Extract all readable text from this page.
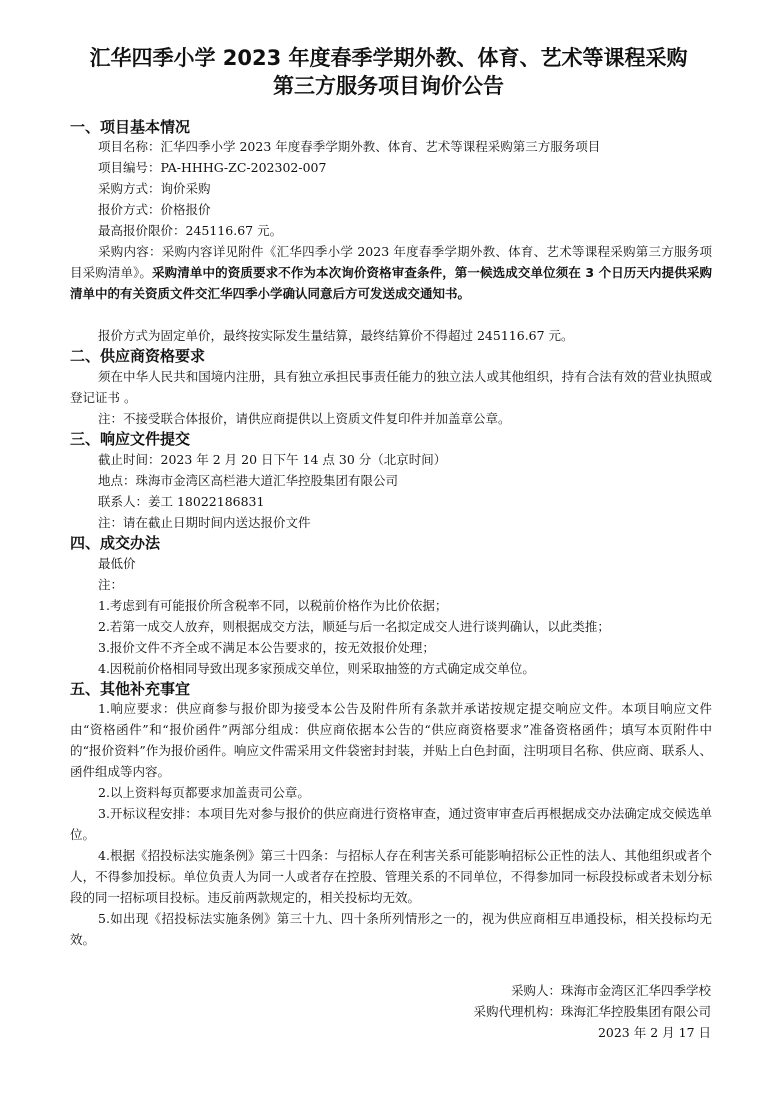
汇华四季小学 2023 年度春季学期外教、体育、艺术等课程采购
第三方服务项目询价公告
一、项目基本情况
项目名称：汇华四季小学 2023 年度春季学期外教、体育、艺术等课程采购第三方服务项目
项目编号：PA-HHHG-ZC-202302-007
采购方式：询价采购
报价方式：价格报价
最高报价限价：245116.67 元。
采购内容：采购内容详见附件《汇华四季小学 2023 年度春季学期外教、体育、艺术等课程采购第三方服务项目采购清单》。采购清单中的资质要求不作为本次询价资格审查条件，第一候选成交单位须在 3 个日历天内提供采购清单中的有关资质文件交汇华四季小学确认同意后方可发送成交通知书。
报价方式为固定单价，最终按实际发生量结算，最终结算价不得超过 245116.67 元。
二、供应商资格要求
须在中华人民共和国境内注册，具有独立承担民事责任能力的独立法人或其他组织，持有合法有效的营业执照或登记证书 。
注：不接受联合体报价，请供应商提供以上资质文件复印件并加盖章公章。
三、响应文件提交
截止时间：2023 年 2 月 20 日下午 14 点 30 分（北京时间）
地点：珠海市金湾区高栏港大道汇华控股集团有限公司
联系人：姜工 18022186831
注：请在截止日期时间内送达报价文件
四、成交办法
最低价
注：
1.考虑到有可能报价所含税率不同，以税前价格作为比价依据；
2.若第一成交人放弃，则根据成交方法，顺延与后一名拟定成交人进行谈判确认，以此类推；
3.报价文件不齐全或不满足本公告要求的，按无效报价处理；
4.因税前价格相同导致出现多家预成交单位，则采取抽签的方式确定成交单位。
五、其他补充事宜
1.响应要求：供应商参与报价即为接受本公告及附件所有条款并承诺按规定提交响应文件。本项目响应文件由“资格函件”和“报价函件”两部分组成：供应商依据本公告的“供应商资格要求”准备资格函件；填写本页附件中的“报价资料”作为报价函件。响应文件需采用文件袋密封封装，并贴上白色封面，注明项目名称、供应商、联系人、函件组成等内容。
2.以上资料每页都要求加盖责司公章。
3.开标议程安排：本项目先对参与报价的供应商进行资格审查，通过资审审查后再根据成交办法确定成交候选单位。
4.根据《招投标法实施条例》第三十四条：与招标人存在利害关系可能影响招标公正性的法人、其他组织或者个人，不得参加投标。单位负责人为同一人或者存在控股、管理关系的不同单位，不得参加同一标段投标或者未划分标段的同一招标项目投标。违反前两款规定的，相关投标均无效。
5.如出现《招投标法实施条例》第三十九、四十条所列情形之一的，视为供应商相互串通投标，相关投标均无效。
采购人：珠海市金湾区汇华四季学校
采购代理机构：珠海汇华控股集团有限公司
2023 年 2 月 17 日
